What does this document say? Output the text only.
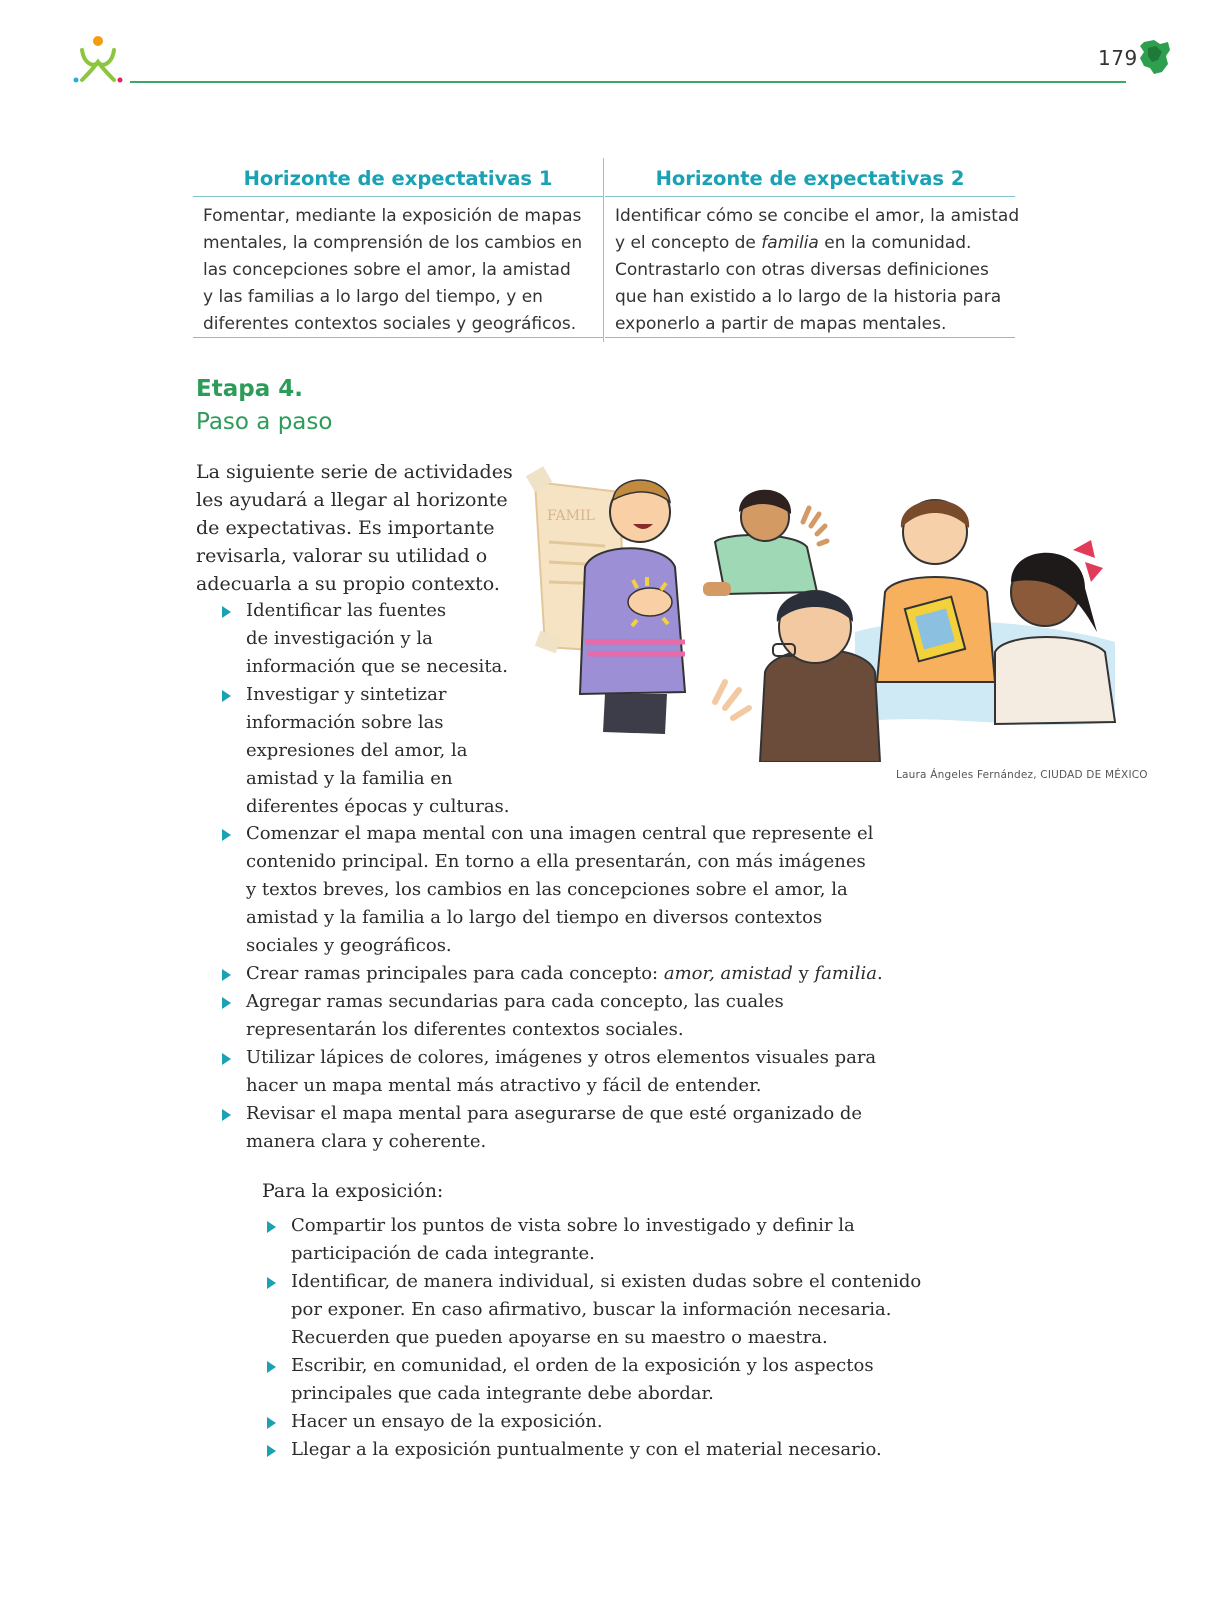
179
Horizonte de expectativas 1
Fomentar, mediante la exposición de mapas
mentales, la comprensión de los cambios en
las concepciones sobre el amor, la amistad
y las familias a lo largo del tiempo, y en
diferentes contextos sociales y geográficos.
Horizonte de expectativas 2
Identificar cómo se concibe el amor, la amistad
y el concepto de familia en la comunidad.
Contrastarlo con otras diversas definiciones
que han existido a lo largo de la historia para
exponerlo a partir de mapas mentales.
Etapa 4.
Paso a paso
La siguiente serie de actividades
les ayudará a llegar al horizonte
de expectativas. Es importante
revisarla, valorar su utilidad o
adecuarla a su propio contexto.
Identificar las fuentes
de investigación y la
información que se necesita.
Investigar y sintetizar
información sobre las
expresiones del amor, la
amistad y la familia en
diferentes épocas y culturas.
FAMIL
Laura Ángeles Fernández, CIUDAD DE MÉXICO
Comenzar el mapa mental con una imagen central que represente el
contenido principal. En torno a ella presentarán, con más imágenes
y textos breves, los cambios en las concepciones sobre el amor, la
amistad y la familia a lo largo del tiempo en diversos contextos
sociales y geográficos.
Crear ramas principales para cada concepto: amor, amistad y familia.
Agregar ramas secundarias para cada concepto, las cuales
representarán los diferentes contextos sociales.
Utilizar lápices de colores, imágenes y otros elementos visuales para
hacer un mapa mental más atractivo y fácil de entender.
Revisar el mapa mental para asegurarse de que esté organizado de
manera clara y coherente.
Para la exposición:
Compartir los puntos de vista sobre lo investigado y definir la
participación de cada integrante.
Identificar, de manera individual, si existen dudas sobre el contenido
por exponer. En caso afirmativo, buscar la información necesaria.
Recuerden que pueden apoyarse en su maestro o maestra.
Escribir, en comunidad, el orden de la exposición y los aspectos
principales que cada integrante debe abordar.
Hacer un ensayo de la exposición.
Llegar a la exposición puntualmente y con el material necesario.
